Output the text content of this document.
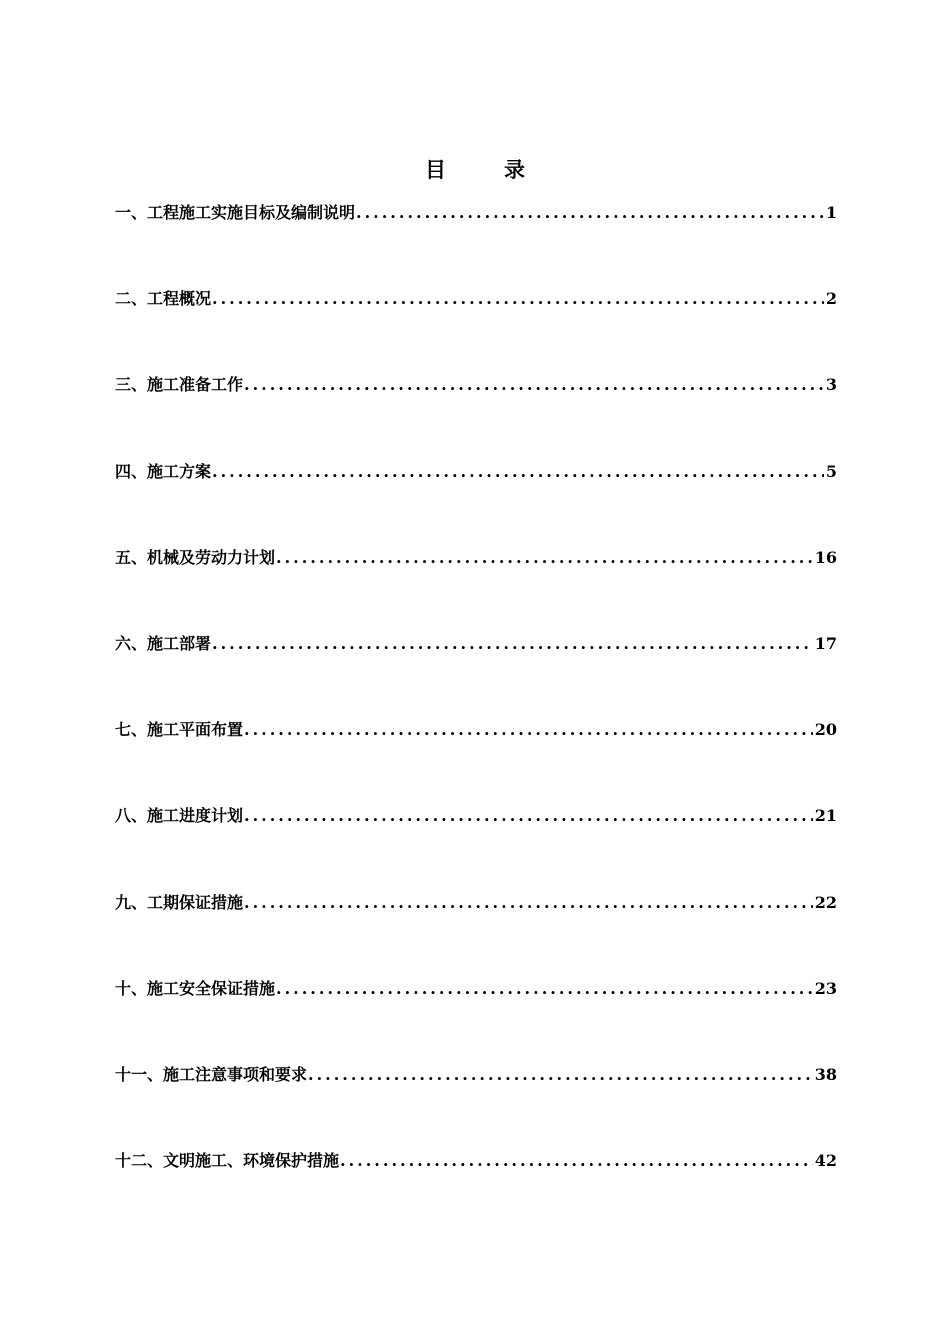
目	录
一、工程施工实施目标及编制说明 .....	1
二、工程概况 .....	2
三、施工准备工作 .....	3
四、施工方案 .....	5
五、机械及劳动力计划 .....	16
六、施工部署 .....	17
七、施工平面布置 .....	20
八、施工进度计划 .....	21
九、工期保证措施 .....	22
十、施工安全保证措施 .....	23
十一、施工注意事项和要求 .....	38
十二、文明施工、环境保护措施 .....	42
